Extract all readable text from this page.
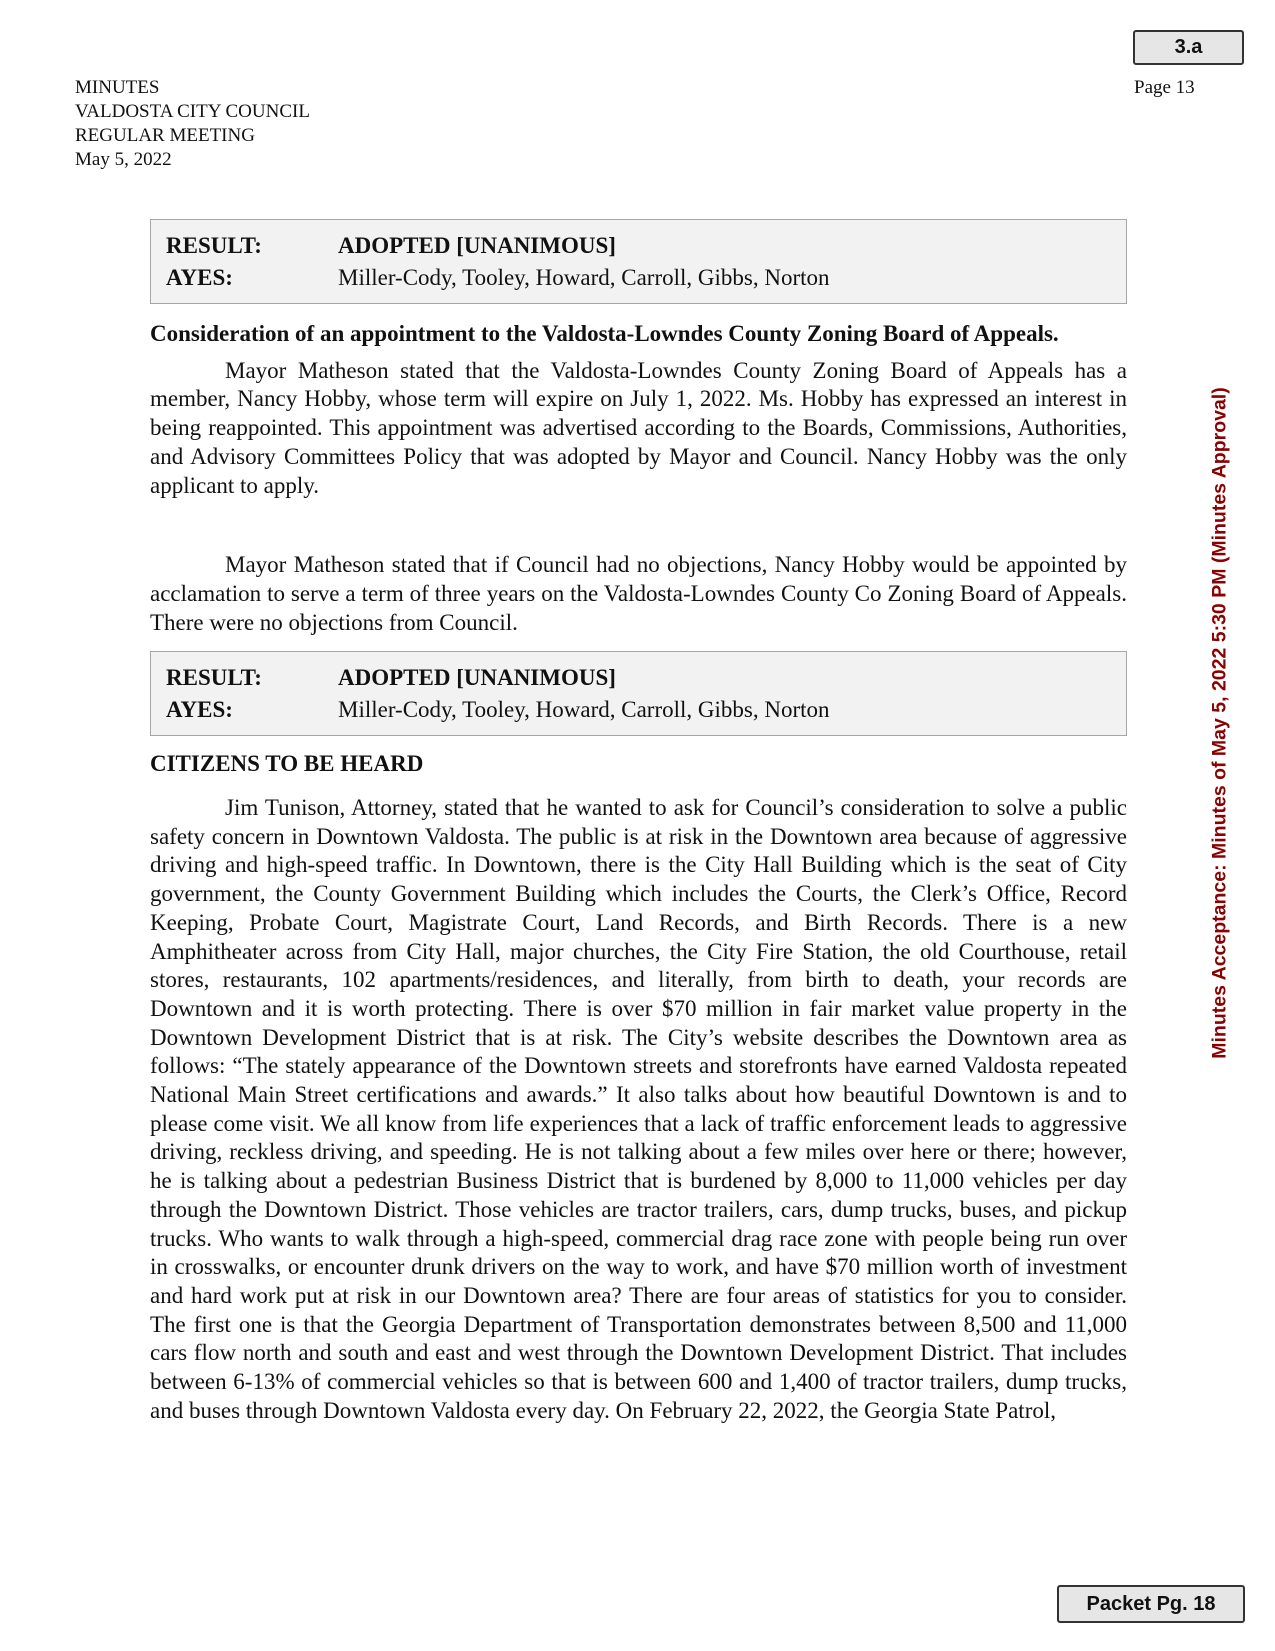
3.a
MINUTES
VALDOSTA CITY COUNCIL
REGULAR MEETING
May 5, 2022
Page 13
Minutes Acceptance: Minutes of May 5, 2022 5:30 PM (Minutes Approval)
RESULT:	ADOPTED [UNANIMOUS]
AYES:	Miller-Cody, Tooley, Howard, Carroll, Gibbs, Norton
Consideration of an appointment to the Valdosta-Lowndes County Zoning Board of Appeals.

Mayor Matheson stated that the Valdosta-Lowndes County Zoning Board of Appeals has a member, Nancy Hobby, whose term will expire on July 1, 2022. Ms. Hobby has expressed an interest in being reappointed. This appointment was advertised according to the Boards, Commissions, Authorities, and Advisory Committees Policy that was adopted by Mayor and Council. Nancy Hobby was the only applicant to apply.

Mayor Matheson stated that if Council had no objections, Nancy Hobby would be appointed by acclamation to serve a term of three years on the Valdosta-Lowndes County Co Zoning Board of Appeals. There were no objections from Council.

RESULT:	ADOPTED [UNANIMOUS]
AYES:	Miller-Cody, Tooley, Howard, Carroll, Gibbs, Norton
CITIZENS TO BE HEARD

Jim Tunison, Attorney, stated that he wanted to ask for Council’s consideration to solve a public safety concern in Downtown Valdosta. The public is at risk in the Downtown area because of aggressive driving and high-speed traffic. In Downtown, there is the City Hall Building which is the seat of City government, the County Government Building which includes the Courts, the Clerk’s Office, Record Keeping, Probate Court, Magistrate Court, Land Records, and Birth Records. There is a new Amphitheater across from City Hall, major churches, the City Fire Station, the old Courthouse, retail stores, restaurants, 102 apartments/residences, and literally, from birth to death, your records are Downtown and it is worth protecting. There is over $70 million in fair market value property in the Downtown Development District that is at risk. The City’s website describes the Downtown area as follows: “The stately appearance of the Downtown streets and storefronts have earned Valdosta repeated National Main Street certifications and awards.” It also talks about how beautiful Downtown is and to please come visit. We all know from life experiences that a lack of traffic enforcement leads to aggressive driving, reckless driving, and speeding. He is not talking about a few miles over here or there; however, he is talking about a pedestrian Business District that is burdened by 8,000 to 11,000 vehicles per day through the Downtown District. Those vehicles are tractor trailers, cars, dump trucks, buses, and pickup trucks. Who wants to walk through a high-speed, commercial drag race zone with people being run over in crosswalks, or encounter drunk drivers on the way to work, and have $70 million worth of investment and hard work put at risk in our Downtown area? There are four areas of statistics for you to consider. The first one is that the Georgia Department of Transportation demonstrates between 8,500 and 11,000 cars flow north and south and east and west through the Downtown Development District. That includes between 6-13% of commercial vehicles so that is between 600 and 1,400 of tractor trailers, dump trucks, and buses through Downtown Valdosta every day. On February 22, 2022, the Georgia State Patrol,

Packet Pg. 18
